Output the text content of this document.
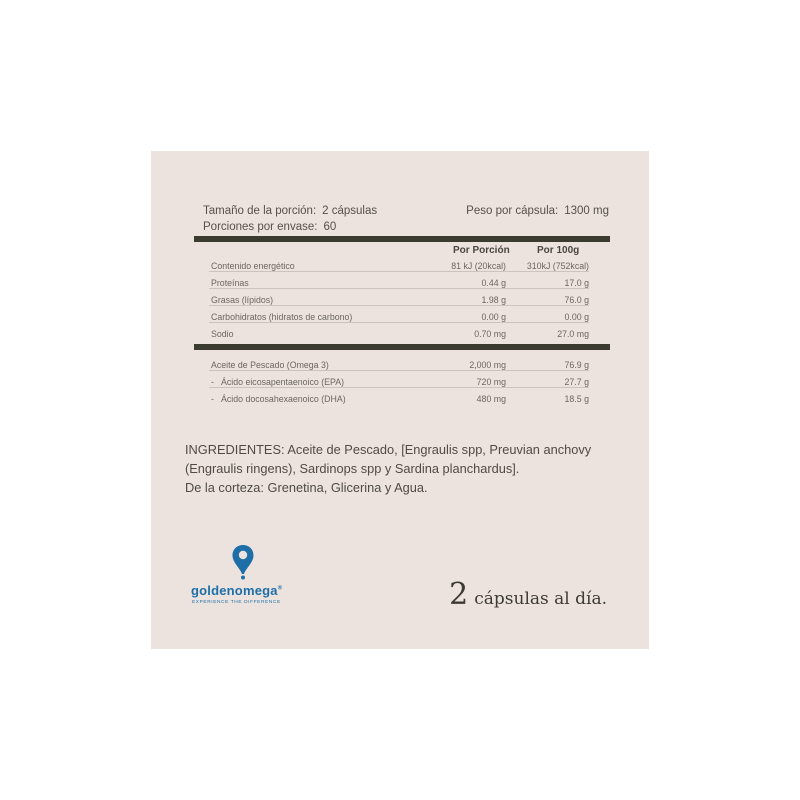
Tamaño de la porción: 2 cápsulas	Peso por cápsula: 1300 mg
Porciones por envase: 60
Por Porción	Por 100g
Contenido energético	81 kJ (20kcal)	310kJ (752kcal)
Proteínas	0.44 g	17.0 g
Grasas (lípidos)	1.98 g	76.0 g
Carbohidratos (hidratos de carbono)	0.00 g	0.00 g
Sodio	0.70 mg	27.0 mg
Aceite de Pescado (Omega 3)	2,000 mg	76.9 g
- Ácido eicosapentaenoico (EPA)	720 mg	27.7 g
- Ácido docosahexaenoico (DHA)	480 mg	18.5 g
INGREDIENTES: Aceite de Pescado, [Engraulis spp, Preuvian anchovy
(Engraulis ringens), Sardinops spp y Sardina planchardus].
De la corteza: Grenetina, Glicerina y Agua.
goldenomega®
EXPERIENCE THE DIFFERENCE	2 cápsulas al día.
